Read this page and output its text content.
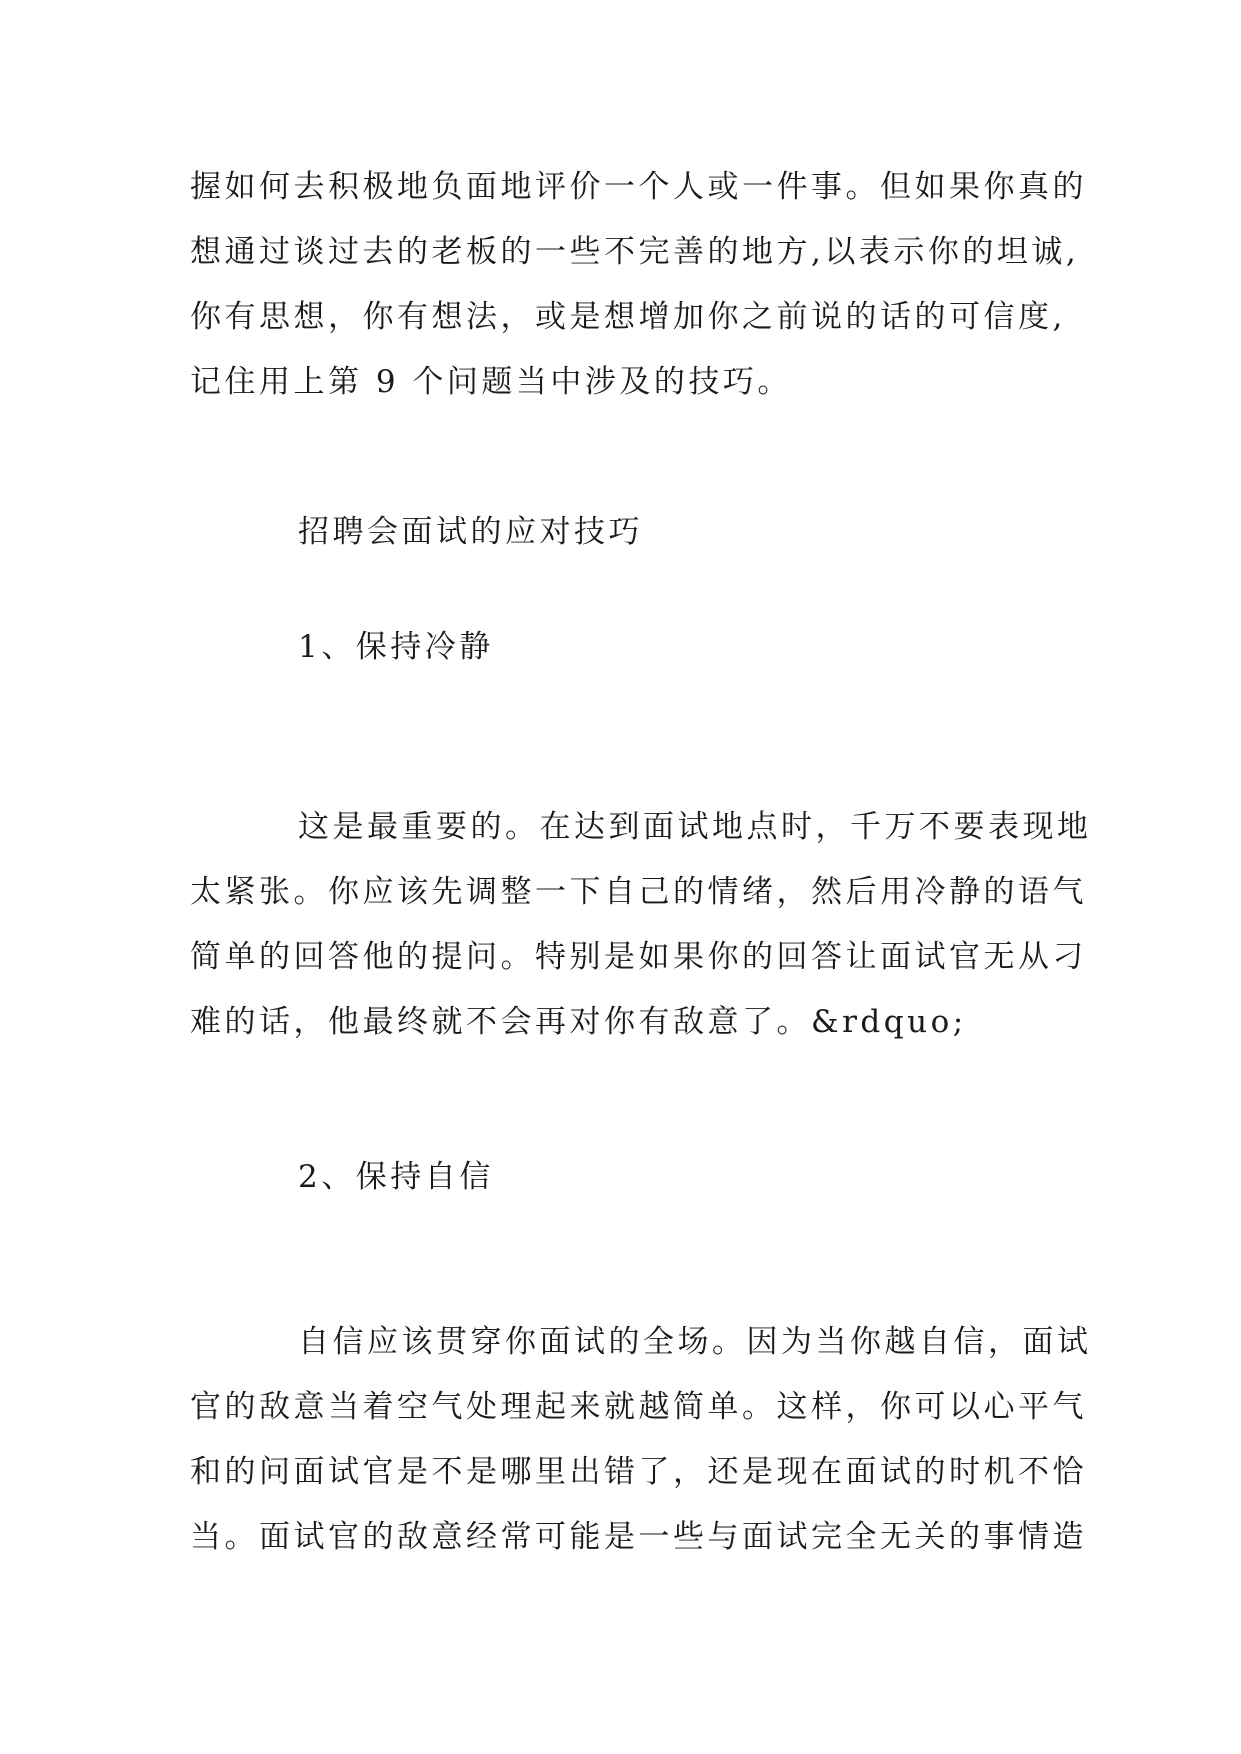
握如何去积极地负面地评价一个人或一件事。但如果你真的
想通过谈过去的老板的一些不完善的地方,以表示你的坦诚,
你有思想，你有想法，或是想增加你之前说的话的可信度,
记住用上第 9 个问题当中涉及的技巧。
招聘会面试的应对技巧
1、保持冷静
这是最重要的。在达到面试地点时，千万不要表现地
太紧张。你应该先调整一下自己的情绪，然后用冷静的语气
简单的回答他的提问。特别是如果你的回答让面试官无从刁
难的话，他最终就不会再对你有敌意了。&rdquo;
2、保持自信
自信应该贯穿你面试的全场。因为当你越自信，面试
官的敌意当着空气处理起来就越简单。这样，你可以心平气
和的问面试官是不是哪里出错了，还是现在面试的时机不恰
当。面试官的敌意经常可能是一些与面试完全无关的事情造
